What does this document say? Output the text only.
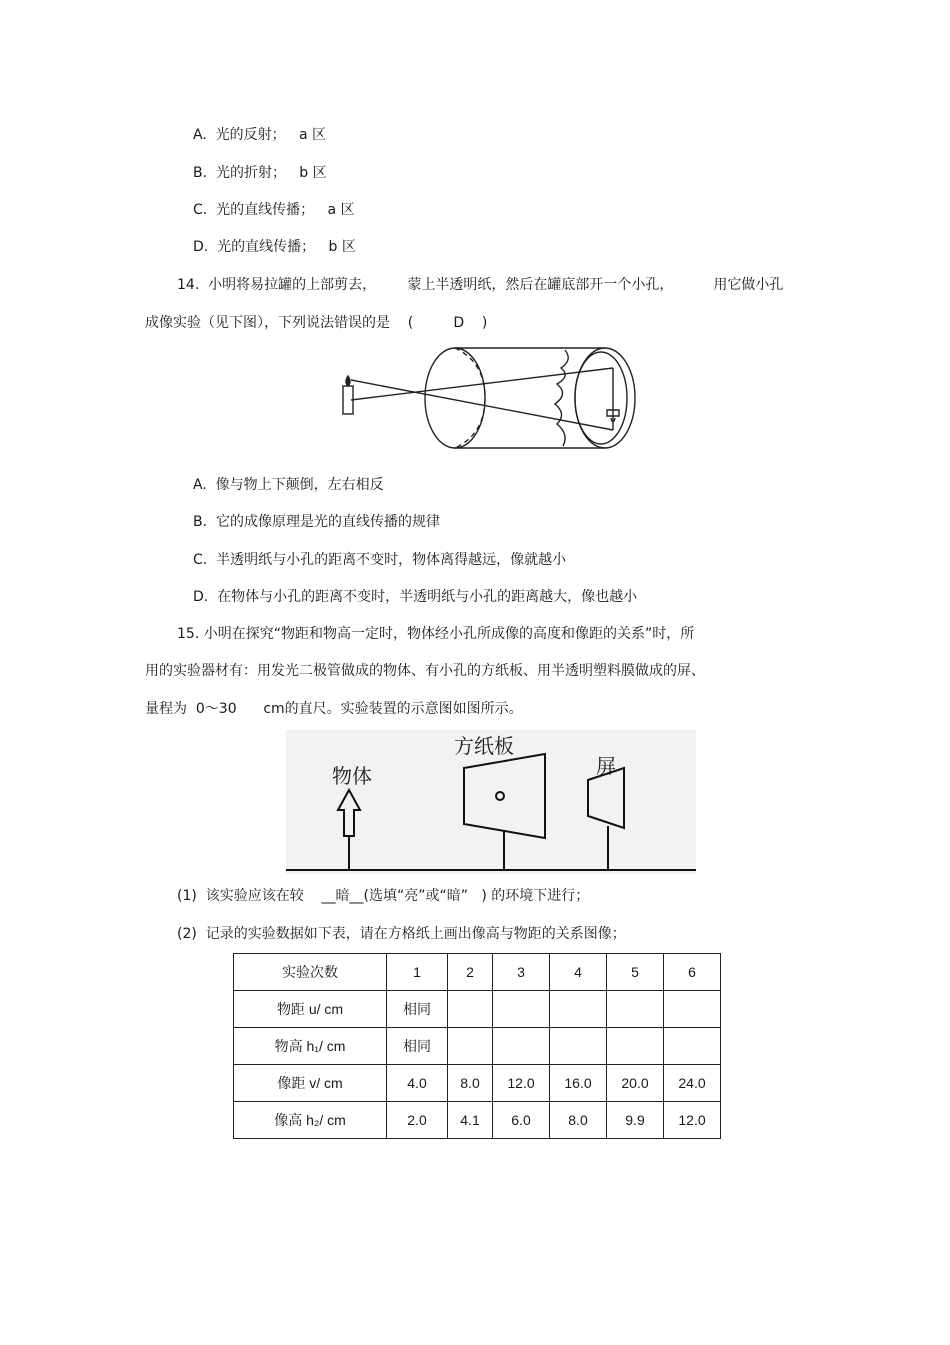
A.  光的反射；   a 区
B.  光的折射；   b 区
C.  光的直线传播；   a 区
D.  光的直线传播；   b 区
14.  小明将易拉罐的上部剪去，       蒙上半透明纸，然后在罐底部开一个小孔，         用它做小孔
成像实验（见下图），下列说法错误的是    (         D    )
A.  像与物上下颠倒，左右相反
B.  它的成像原理是光的直线传播的规律
C.  半透明纸与小孔的距离不变时，物体离得越远，像就越小
D.  在物体与小孔的距离不变时，半透明纸与小孔的距离越大，像也越小
15. 小明在探究“物距和物高一定时，物体经小孔所成像的高度和像距的关系”时，所
用的实验器材有：用发光二极管做成的物体、有小孔的方纸板、用半透明塑料膜做成的屏、
量程为  0～30      cm的直尺。实验装置的示意图如图所示。
物体
方纸板
屏
(1)  该实验应该在较    __暗__(选填“亮”或“暗”   ) 的环境下进行；
(2)  记录的实验数据如下表，请在方格纸上画出像高与物距的关系图像；
实验次数	1	2	3	4	5	6
物距 u/ cm	相同					
物高 h₁/ cm	相同					
像距 v/ cm	4.0	8.0	12.0	16.0	20.0	24.0
像高 h₂/ cm	2.0	4.1	6.0	8.0	9.9	12.0
